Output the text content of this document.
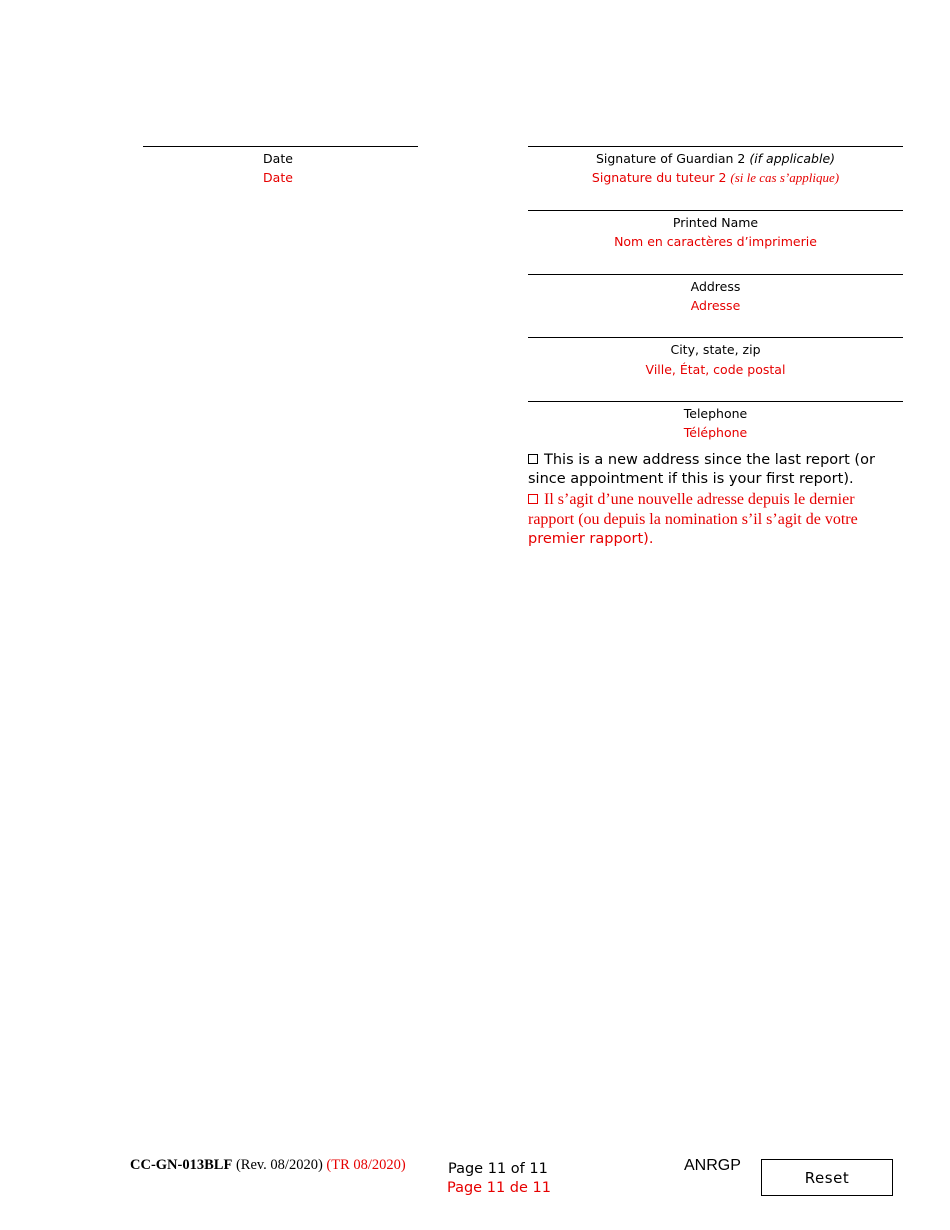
Date
Date
Signature of Guardian 2 (if applicable)
Signature du tuteur 2 (si le cas s’applique)
Printed Name
Nom en caractères d’imprimerie
Address
Adresse
City, state, zip
Ville, État, code postal
Telephone
Téléphone
This is a new address since the last report (or since appointment if this is your first report).
Il s’agit d’une nouvelle adresse depuis le dernier rapport (ou depuis la nomination s’il s’agit de votre premier rapport).
CC-GN-013BLF (Rev. 08/2020) (TR 08/2020)	Page 11 of 11
Page 11 de 11
ANRGP
Reset
